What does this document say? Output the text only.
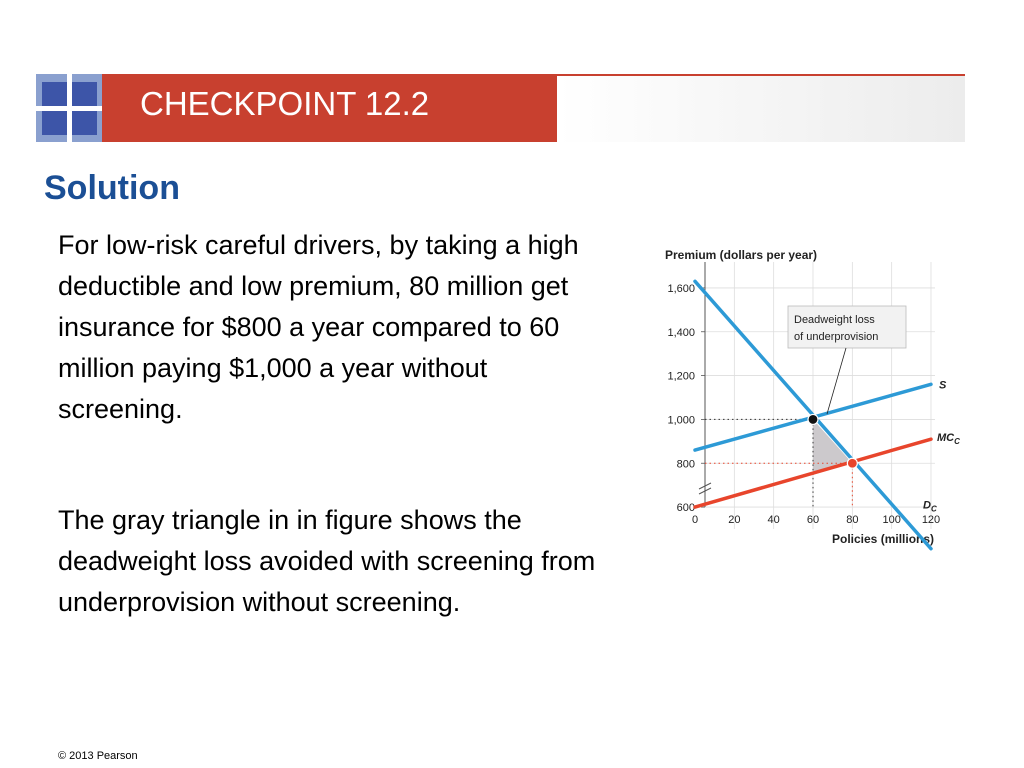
CHECKPOINT 12.2
Solution

For low-risk careful drivers, by taking a high deductible and low premium, 80 million get insurance for $800 a year compared to 60 million paying $1,000 a year without screening.

The gray triangle in in figure shows the deadweight loss avoided with screening from underprovision without screening.

Premium (dollars per year)
Policies (millions)
600
800
1,000
1,200
1,400
1,600
0	20 40 60 80 100 120
S
$MC_C$
$D_C$
Deadweight loss
of underprovision
© 2013 Pearson
